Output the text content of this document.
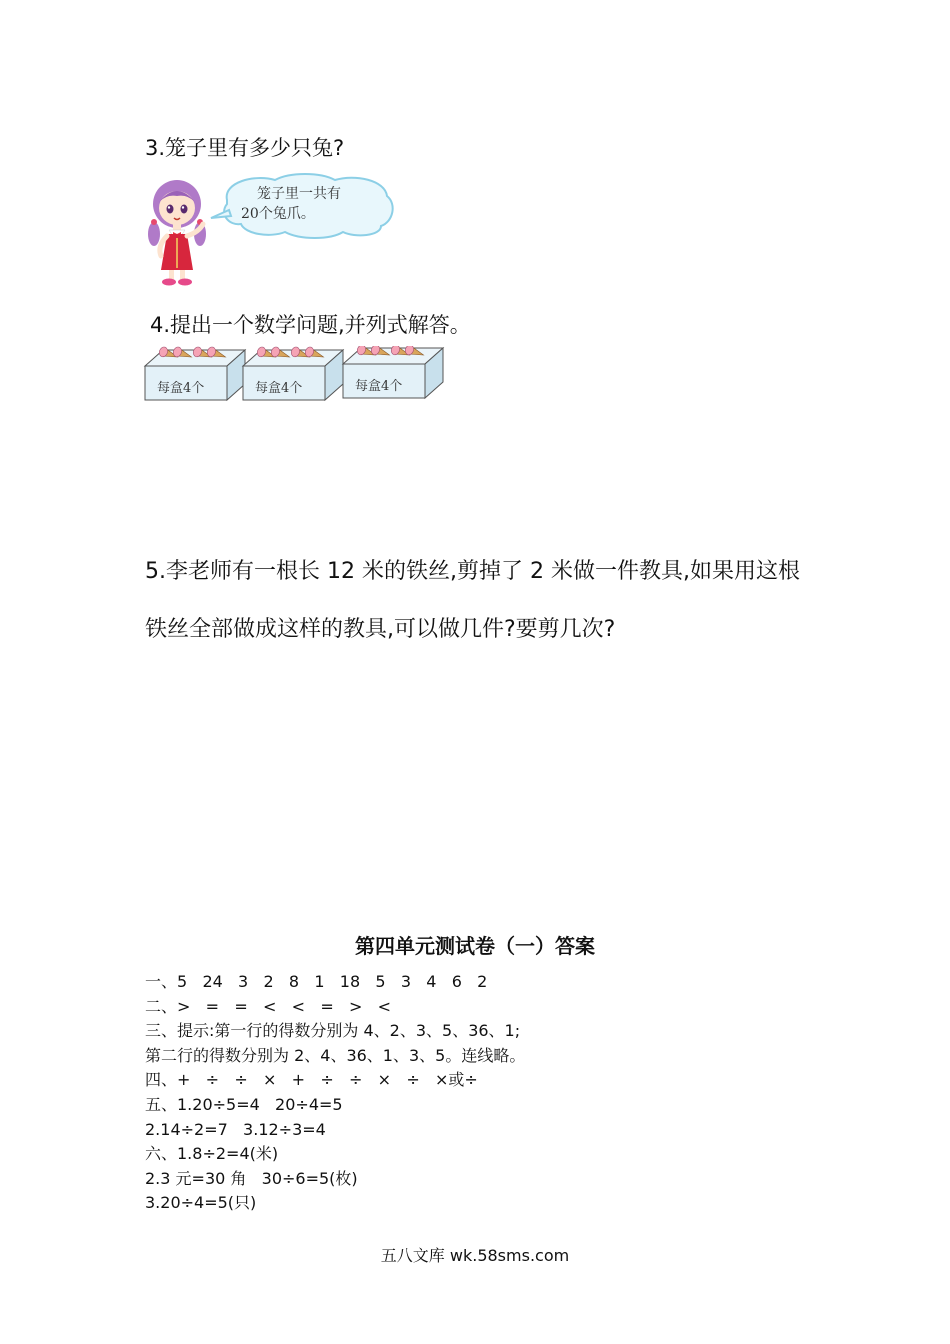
3.笼子里有多少只兔?
笼子里一共有
20个兔爪。
4.提出一个数学问题,并列式解答。
每盒4个	每盒4个	每盒4个
5.李老师有一根长 12 米的铁丝,剪掉了 2 米做一件教具,如果用这根
铁丝全部做成这样的教具,可以做几件?要剪几次?
第四单元测试卷（一）答案
一、5   24   3   2   8   1   18   5   3   4   6   2
二、>   =   =   <   <   =   >   <
三、提示:第一行的得数分别为 4、2、3、5、36、1;
第二行的得数分别为 2、4、36、1、3、5。连线略。
四、+   ÷   ÷   ×   +   ÷   ÷   ×   ÷   ×或÷
五、1.20÷5=4   20÷4=5
2.14÷2=7   3.12÷3=4
六、1.8÷2=4(米)
2.3 元=30 角   30÷6=5(枚)
3.20÷4=5(只)
五八文库 wk.58sms.com
